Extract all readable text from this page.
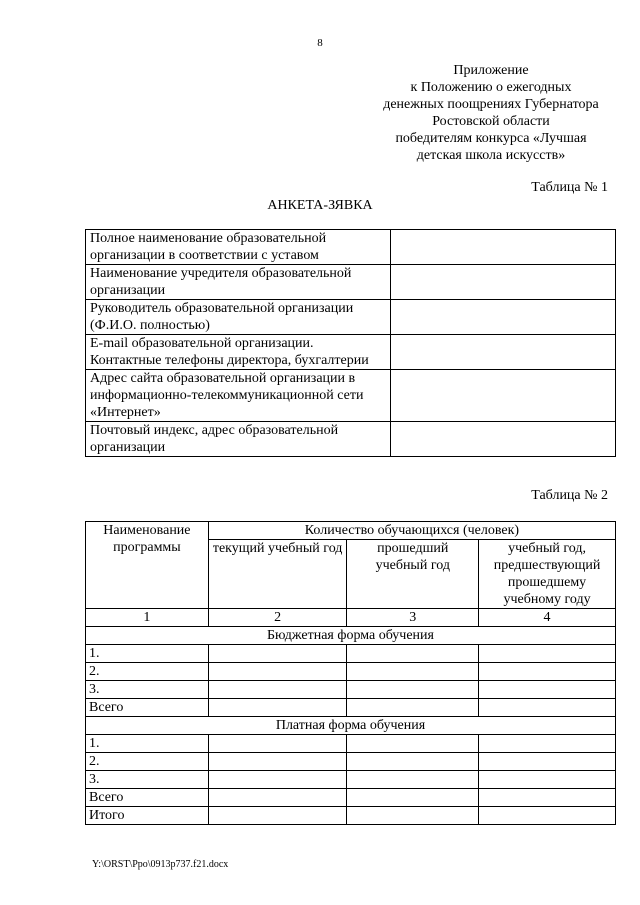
8
Приложение
к Положению о ежегодных
денежных поощрениях Губернатора
Ростовской области
победителям конкурса «Лучшая
детская школа искусств»
Таблица № 1
АНКЕТА-ЗЯВКА
Полное наименование образовательной организации в соответствии с уставом	
Наименование учредителя образовательной организации	
Руководитель образовательной организации (Ф.И.О. полностью)	
E-mail образовательной организации. Контактные телефоны директора, бухгалтерии	
Адрес сайта образовательной организации в информационно-телекоммуникационной сети «Интернет»	
Почтовый индекс, адрес образовательной организации	
Таблица № 2
Наименование программы	Количество обучающихся (человек)		
	текущий учебный год	прошедший учебный год	учебный год, предшествующий прошедшему учебному году
1	2	3	4
Бюджетная форма обучения			
1.			
2.			
3.			
Всего			
Платная форма обучения			
1.			
2.			
3.			
Всего			
Итого			
Y:\ORST\Ppo\0913p737.f21.docx
